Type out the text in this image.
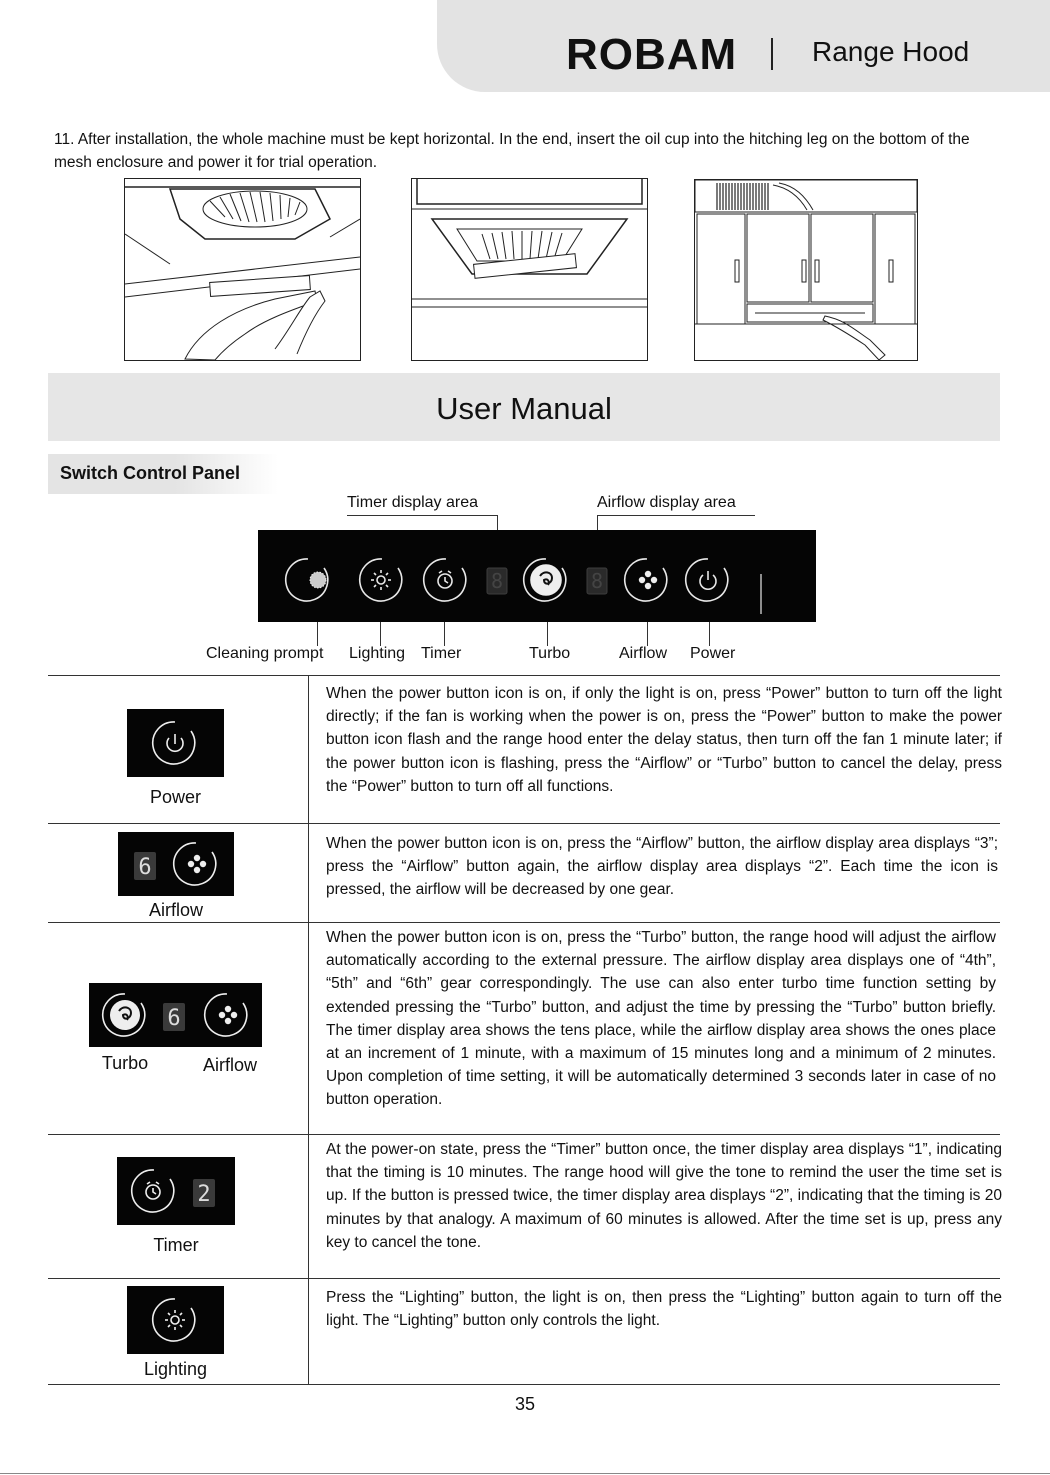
ROBAM	Range Hood
11. After installation, the whole machine must be kept horizontal. In the end, insert the oil cup into the hitching leg on the bottom of the mesh enclosure and power it for trial operation.
User Manual
Switch Control Panel
Timer display area	Airflow display area
8	8
Cleaning prompt Lighting Timer	Turbo	Airflow Power
Power
When the power button icon is on, if only the light is on, press “Power” button to turn off the light directly; if the fan is working when the power is on, press the “Power” button to make the power button icon flash and the range hood enter the delay status, then turn off the fan 1 minute later; if the power button icon is flashing, press the “Airflow” or “Turbo” button to cancel the delay, press the “Power” button to turn off all functions.
6
Airflow
When the power button icon is on, press the “Airflow” button, the airflow display area displays “3”; press the “Airflow” button again, the airflow display area displays “2”. Each time the icon is pressed, the airflow will be decreased by one gear.
6
Turbo	Airflow
When the power button icon is on, press the “Turbo” button, the range hood will adjust the airflow automatically according to the external pressure. The airflow display area displays one of “4th”, “5th” and “6th” gear correspondingly. The use can also enter turbo time function setting by extended pressing the “Turbo” button, and adjust the time by pressing the “Turbo” button briefly. The timer display area shows the tens place, while the airflow display area shows the ones place at an increment of 1 minute, with a maximum of 15 minutes long and a minimum of 2 minutes. Upon completion of time setting, it will be automatically determined 3 seconds later in case of no button operation.
2
Timer
At the power-on state, press the “Timer” button once, the timer display area displays “1”, indicating that the timing is 10 minutes. The range hood will give the tone to remind the user the time set is up. If the button is pressed twice, the timer display area displays “2”, indicating that the timing is 20 minutes by that analogy. A maximum of 60 minutes is allowed. After the time set is up, press any key to cancel the tone.
Lighting
Press the “Lighting” button, the light is on, then press the “Lighting” button again to turn off the light. The “Lighting” button only controls the light.
35
